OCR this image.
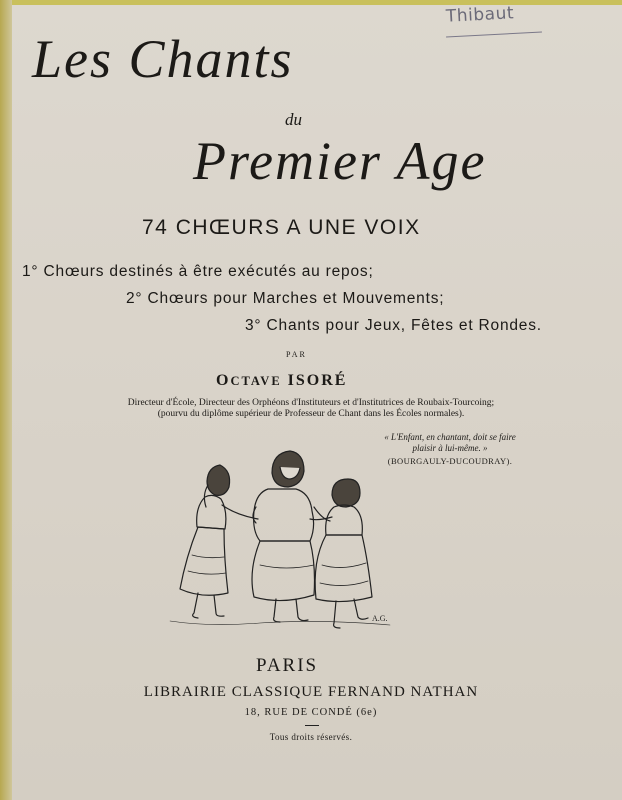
Thibaut
Les Chants
du
Premier Age
74 CHŒURS A UNE VOIX
1° Chœurs destinés à être exécutés au repos;
2° Chœurs pour Marches et Mouvements;
3° Chants pour Jeux, Fêtes et Rondes.
PAR
OCTAVE ISORÉ
Directeur d'École, Directeur des Orphéons d'Instituteurs et d'Institutrices de Roubaix-Tourcoing;
(pourvu du diplôme supérieur de Professeur de Chant dans les Écoles normales).
« L'Enfant, en chantant, doit se faire
plaisir à lui-même. »
(BOURGAULY-DUCOUDRAY).
A.G.
PARIS
LIBRAIRIE CLASSIQUE FERNAND NATHAN
18, RUE DE CONDÉ (6e)
Tous droits réservés.
